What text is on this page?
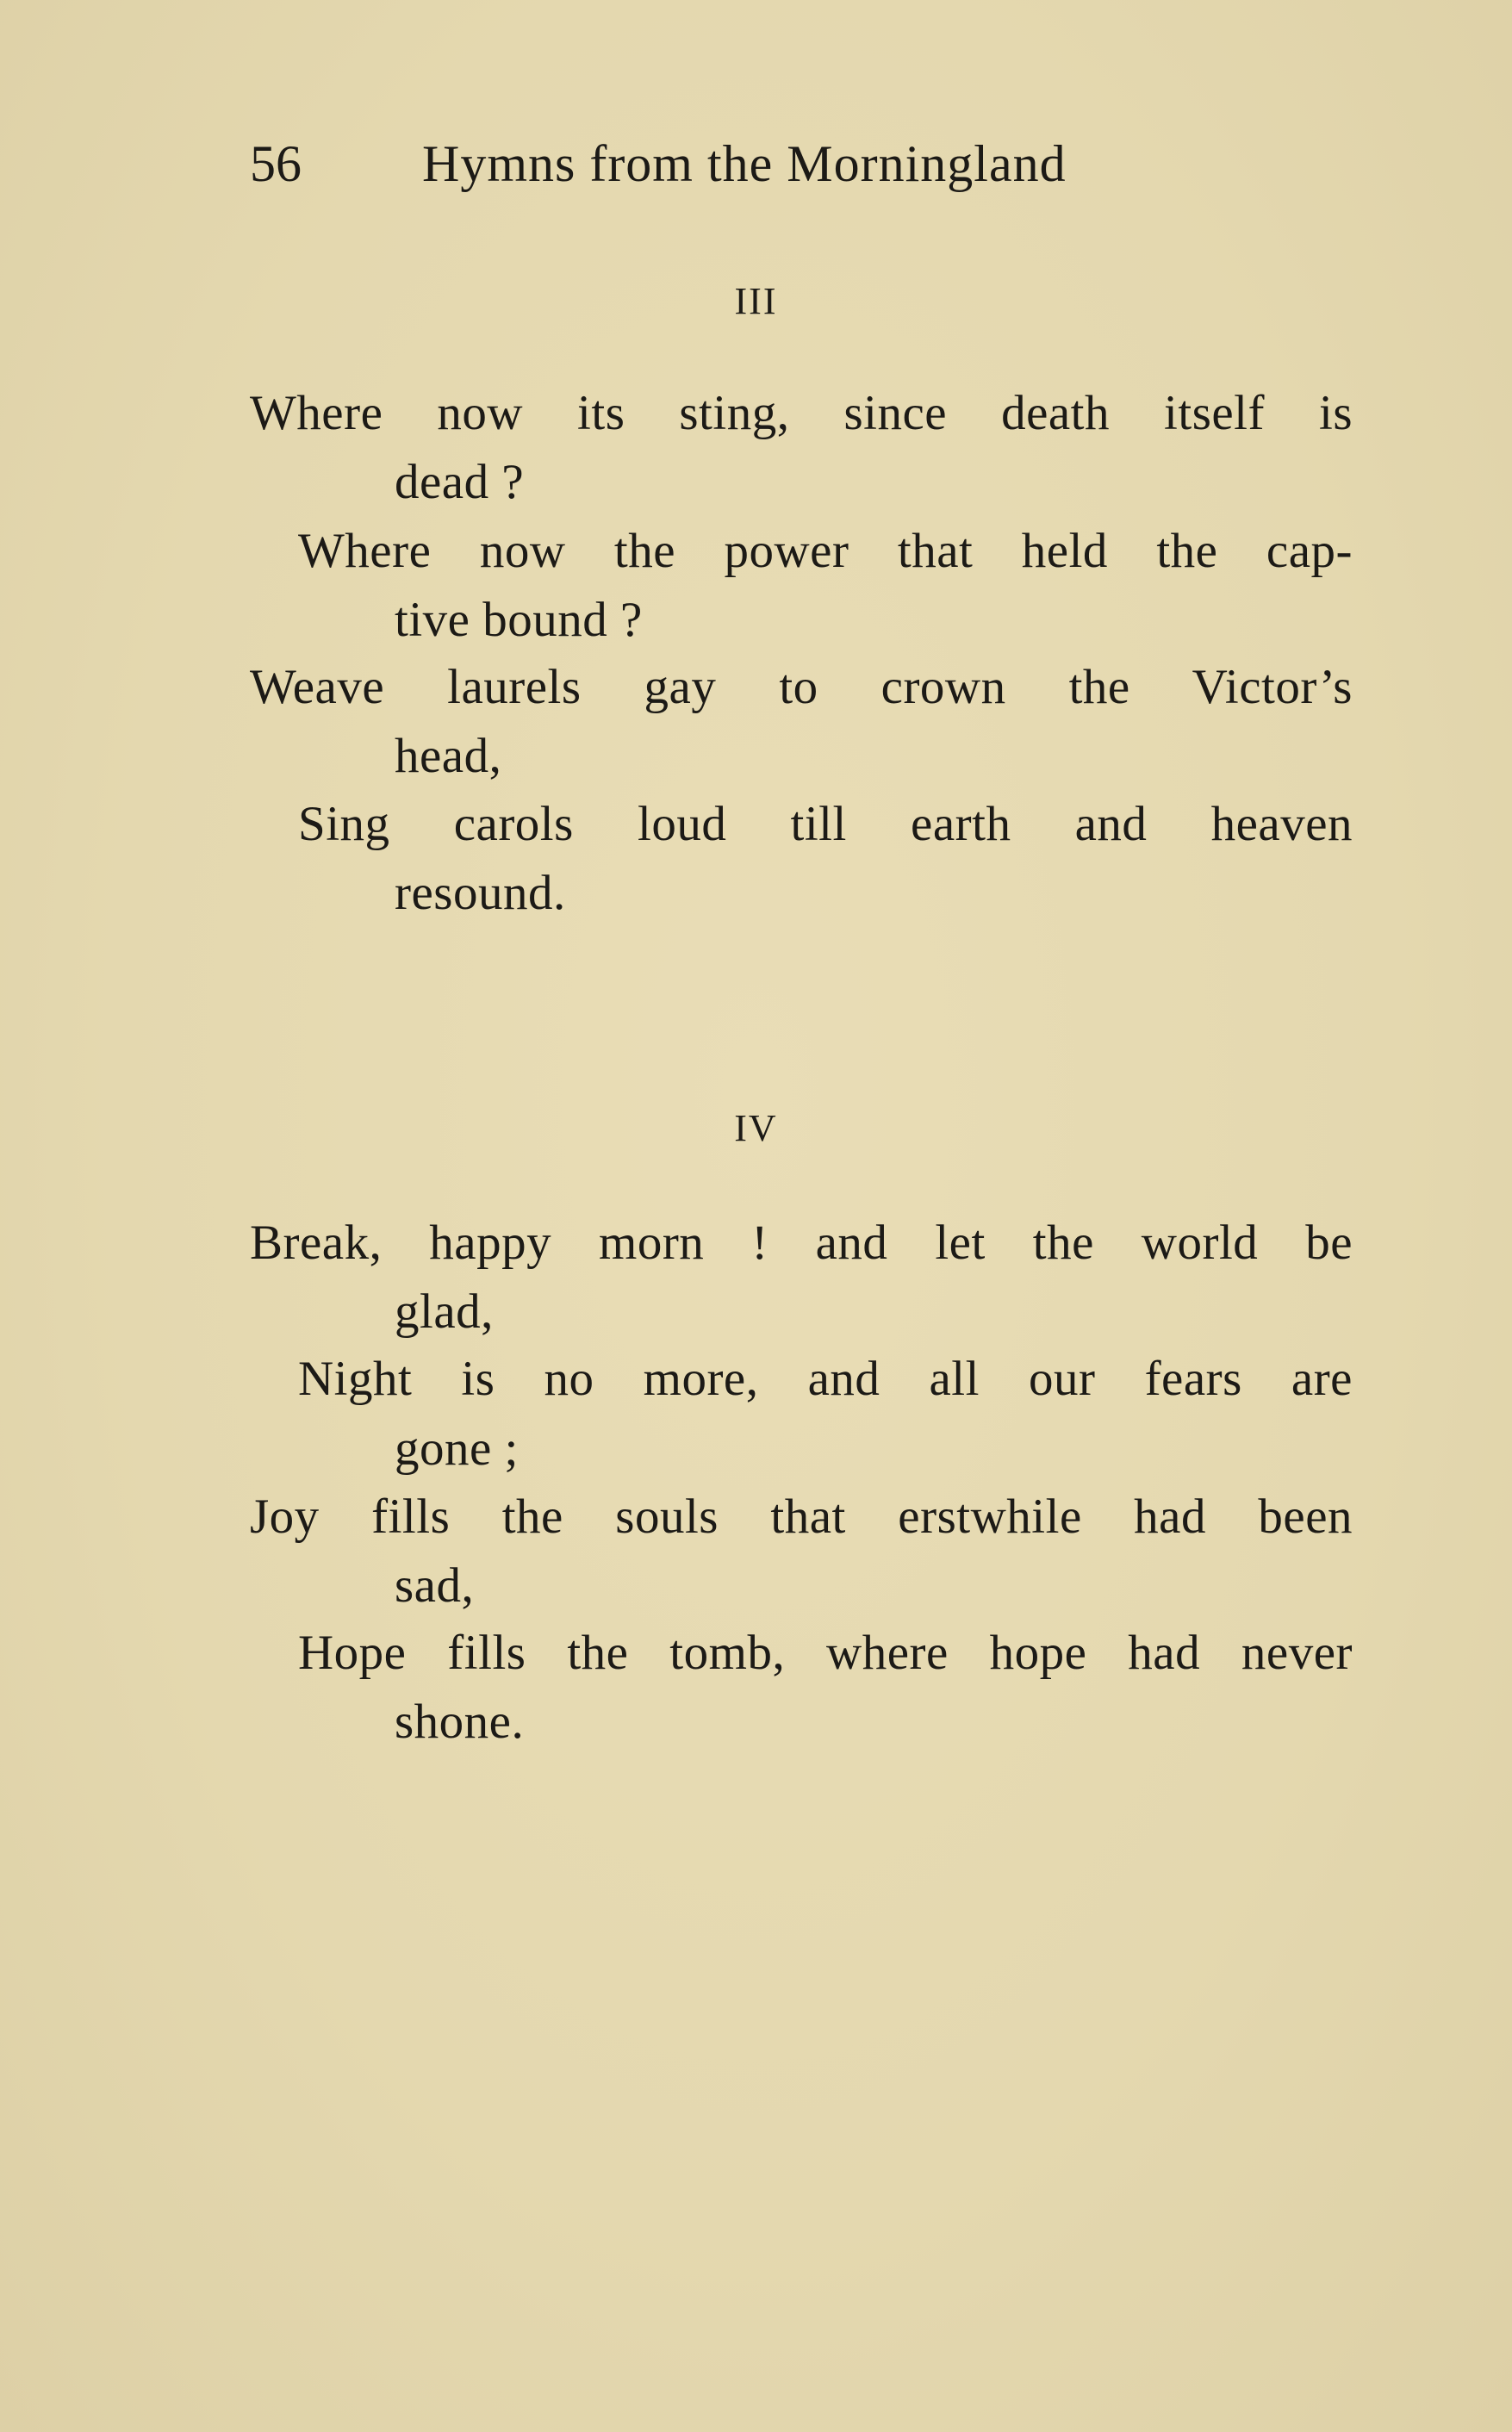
56 Hymns from the Morningland
III
Where now its sting, since death itself is
dead ?
Where now the power that held the cap-
tive bound ?
Weave laurels gay to crown the Victor’s
head,
Sing carols loud till earth and heaven
resound.
IV
Break, happy morn ! and let the world be
glad,
Night is no more, and all our fears are
gone ;
Joy fills the souls that erstwhile had been
sad,
Hope fills the tomb, where hope had never
shone.
